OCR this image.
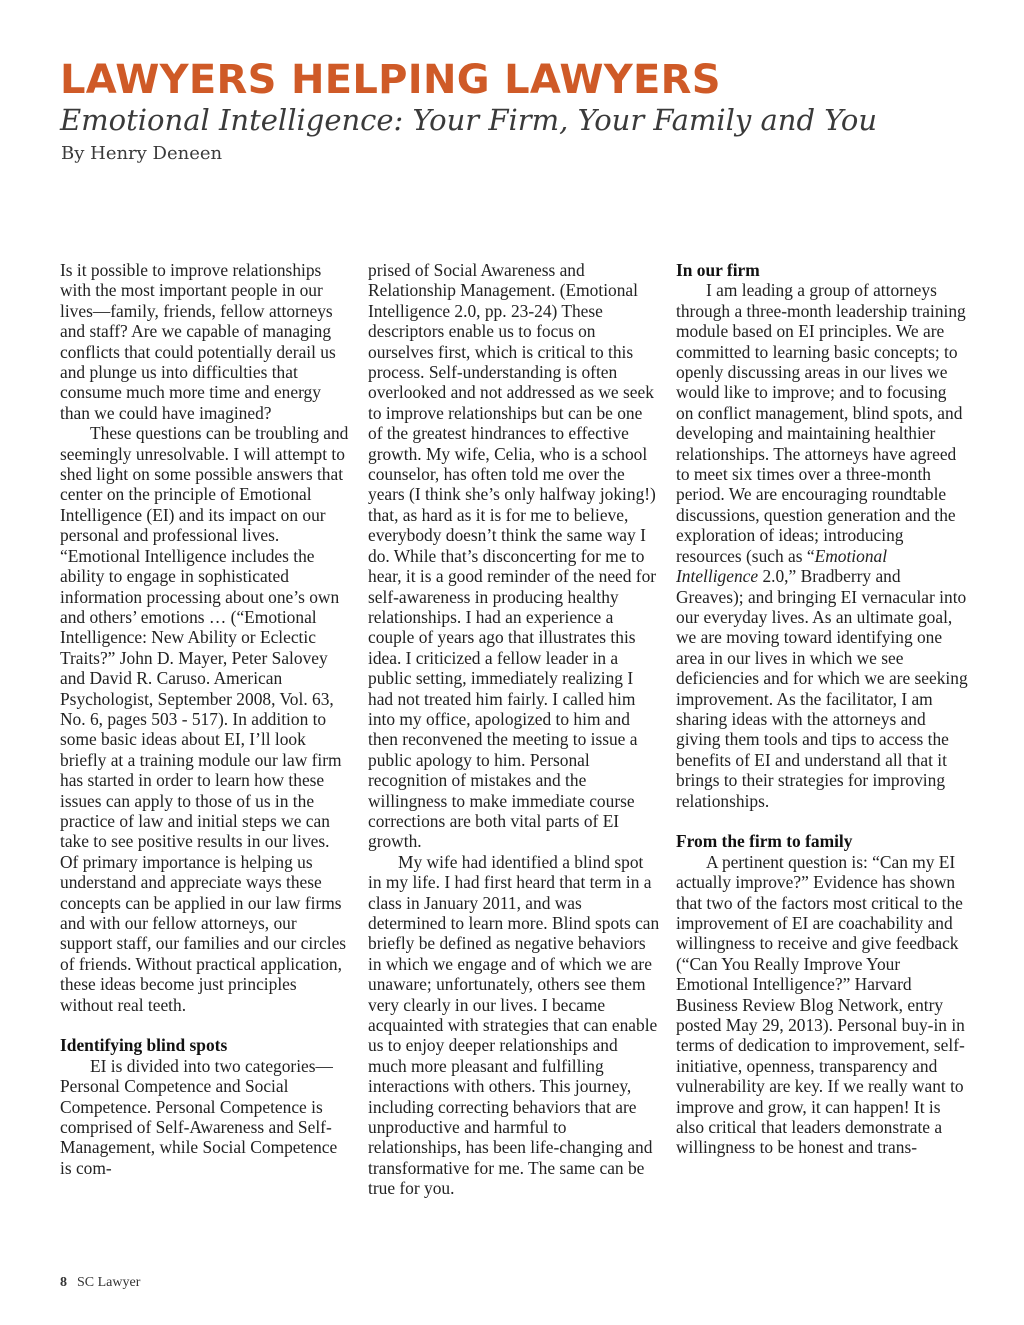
LAWYERS HELPING LAWYERS
Emotional Intelligence: Your Firm, Your Family and You

By Henry Deneen

Is it possible to improve relationships with the most important people in our lives—family, friends, fellow attorneys and staff? Are we capable of managing conflicts that could potentially derail us and plunge us into difficulties that consume much more time and energy than we could have imagined?

These questions can be troubling and seemingly unresolvable. I will attempt to shed light on some possible answers that center on the principle of Emotional Intelligence (EI) and its impact on our personal and professional lives. “Emotional Intelligence includes the ability to engage in sophisticated information processing about one’s own and others’ emotions … (“Emotional Intelligence: New Ability or Eclectic Traits?” John D. Mayer, Peter Salovey and David R. Caruso. American Psychologist, September 2008, Vol. 63, No. 6, pages 503 - 517). In addition to some basic ideas about EI, I’ll look briefly at a training module our law firm has started in order to learn how these issues can apply to those of us in the practice of law and initial steps we can take to see positive results in our lives. Of primary importance is helping us understand and appreciate ways these concepts can be applied in our law firms and with our fellow attorneys, our support staff, our families and our circles of friends. Without practical application, these ideas become just principles without real teeth.

Identifying blind spots

EI is divided into two categories—Personal Competence and Social Competence. Personal Competence is comprised of Self-Awareness and Self-Management, while Social Competence is com-

prised of Social Awareness and Relationship Management. (Emotional Intelligence 2.0, pp. 23-24) These descriptors enable us to focus on ourselves first, which is critical to this process. Self-understanding is often overlooked and not addressed as we seek to improve relationships but can be one of the greatest hindrances to effective growth. My wife, Celia, who is a school counselor, has often told me over the years (I think she’s only halfway joking!) that, as hard as it is for me to believe, everybody doesn’t think the same way I do. While that’s disconcerting for me to hear, it is a good reminder of the need for self-awareness in producing healthy relationships. I had an experience a couple of years ago that illustrates this idea. I criticized a fellow leader in a public setting, immediately realizing I had not treated him fairly. I called him into my office, apologized to him and then reconvened the meeting to issue a public apology to him. Personal recognition of mistakes and the willingness to make immediate course corrections are both vital parts of EI growth.

My wife had identified a blind spot in my life. I had first heard that term in a class in January 2011, and was determined to learn more. Blind spots can briefly be defined as negative behaviors in which we engage and of which we are unaware; unfortunately, others see them very clearly in our lives. I became acquainted with strategies that can enable us to enjoy deeper relationships and much more pleasant and fulfilling interactions with others. This journey, including correcting behaviors that are unproductive and harmful to relationships, has been life-changing and transformative for me. The same can be true for you.

In our firm

I am leading a group of attorneys through a three-month leadership training module based on EI principles. We are committed to learning basic concepts; to openly discussing areas in our lives we would like to improve; and to focusing on conflict management, blind spots, and developing and maintaining healthier relationships. The attorneys have agreed to meet six times over a three-month period. We are encouraging roundtable discussions, question generation and the exploration of ideas; introducing resources (such as “Emotional Intelligence 2.0,” Bradberry and Greaves); and bringing EI vernacular into our everyday lives. As an ultimate goal, we are moving toward identifying one area in our lives in which we see deficiencies and for which we are seeking improvement. As the facilitator, I am sharing ideas with the attorneys and giving them tools and tips to access the benefits of EI and understand all that it brings to their strategies for improving relationships.

From the firm to family

A pertinent question is: “Can my EI actually improve?” Evidence has shown that two of the factors most critical to the improvement of EI are coachability and willingness to receive and give feedback (“Can You Really Improve Your Emotional Intelligence?” Harvard Business Review Blog Network, entry posted May 29, 2013). Personal buy-in in terms of dedication to improvement, self-initiative, openness, transparency and vulnerability are key. If we really want to improve and grow, it can happen! It is also critical that leaders demonstrate a willingness to be honest and trans-

8 SC Lawyer
